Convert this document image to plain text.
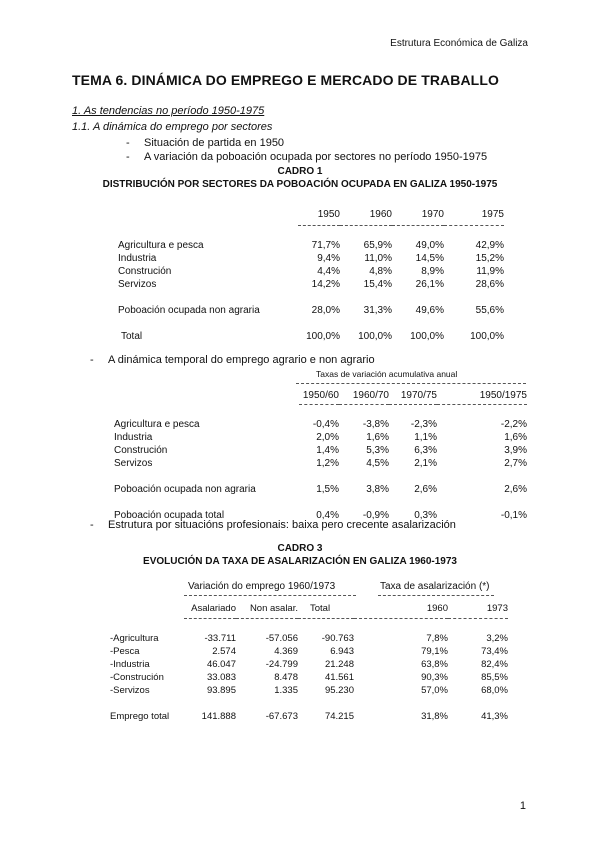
Estrutura Económica de Galiza
TEMA 6. DINÁMICA DO EMPREGO E MERCADO DE TRABALLO
1. As tendencias no período 1950-1975
1.1. A dinámica do emprego por sectores
- Situación de partida en 1950
- A variación da poboación ocupada por sectores no período 1950-1975
CADRO 1
DISTRIBUCIÓN POR SECTORES DA POBOACIÓN OCUPADA EN GALIZA 1950-1975
	1950	1960	1970	1975

Agricultura e pesca	71,7%	65,9%	49,0%	42,9%
Industria	9,4%	11,0%	14,5%	15,2%
Construción	4,4%	4,8%	8,9%	11,9%
Servizos	14,2%	15,4%	26,1%	28,6%

Poboación ocupada non agraria	28,0%	31,3%	49,6%	55,6%

Total	100,0%	100,0%	100,0%	100,0%
- A dinámica temporal do emprego agrario e non agrario
Taxas de variación acumulativa anual
	1950/60	1960/70	1970/75	1950/1975

Agricultura e pesca	-0,4%	-3,8%	-2,3%	-2,2%
Industria	2,0%	1,6%	1,1%	1,6%
Construción	1,4%	5,3%	6,3%	3,9%
Servizos	1,2%	4,5%	2,1%	2,7%

Poboación ocupada non agraria	1,5%	3,8%	2,6%	2,6%

Poboación ocupada total	0,4%	-0,9%	0,3%	-0,1%
- Estrutura por situacións profesionais: baixa pero crecente asalarización
CADRO 3
EVOLUCIÓN DA TAXA DE ASALARIZACIÓN EN GALIZA 1960-1973
Variación do emprego 1960/1973	Taxa de asalarización (*)
	Asalariado	Non asalar.	Total	1960	1973

-Agricultura	-33.711	-57.056	-90.763	7,8%	3,2%
-Pesca	2.574	4.369	6.943	79,1%	73,4%
-Industria	46.047	-24.799	21.248	63,8%	82,4%
-Construción	33.083	8.478	41.561	90,3%	85,5%
-Servizos	93.895	1.335	95.230	57,0%	68,0%

Emprego total	141.888	-67.673	74.215	31,8%	41,3%
1
